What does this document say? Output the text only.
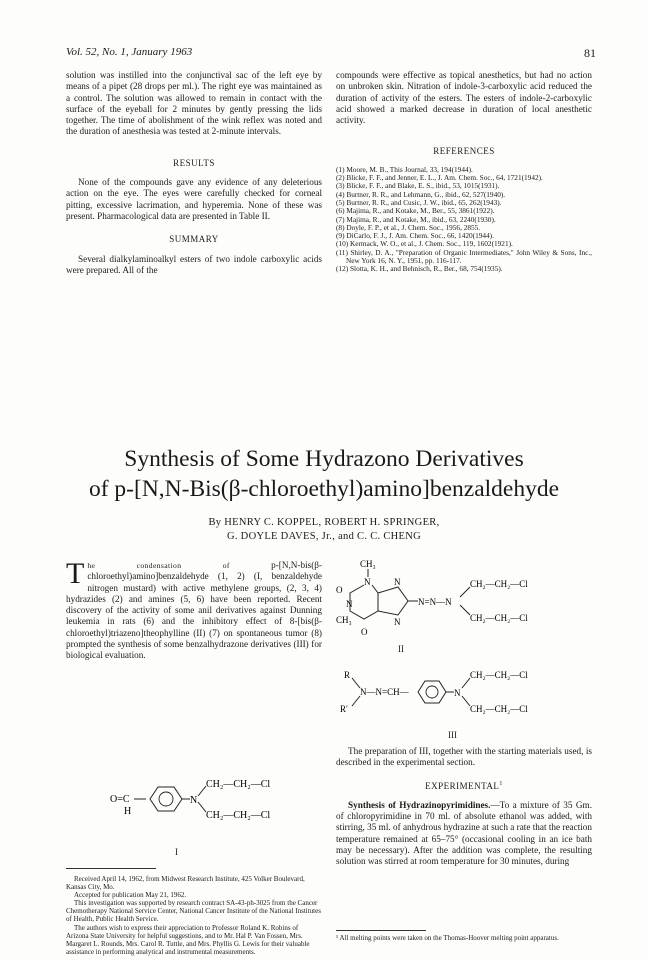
Vol. 52, No. 1, January 1963	81

solution was instilled into the conjunctival sac of the left eye by means of a pipet (28 drops per ml.). The right eye was maintained as a control. The solution was allowed to remain in contact with the surface of the eyeball for 2 minutes by gently pressing the lids together. The time of abolishment of the wink reflex was noted and the duration of anesthesia was tested at 2-minute intervals.

RESULTS

None of the compounds gave any evidence of any deleterious action on the eye. The eyes were carefully checked for corneal pitting, excessive lacrimation, and hyperemia. None of these was present. Pharmacological data are presented in Table II.

SUMMARY

Several dialkylaminoalkyl esters of two indole carboxylic acids were prepared. All of the

compounds were effective as topical anesthetics, but had no action on unbroken skin. Nitration of indole-3-carboxylic acid reduced the duration of activity of the esters. The esters of indole-2-carboxylic acid showed a marked decrease in duration of local anesthetic activity.

REFERENCES
(1) Moore, M. B., This Journal, 33, 194(1944).
(2) Blicke, F. F., and Jenner, E. L., J. Am. Chem. Soc., 64, 1721(1942).
(3) Blicke, F. F., and Blake, E. S., ibid., 53, 1015(1931).
(4) Burtner, R. R., and Lehmann, G., ibid., 62, 527(1940).
(5) Burtner, R. R., and Cusic, J. W., ibid., 65, 262(1943).
(6) Majima, R., and Kotake, M., Ber., 55, 3861(1922).
(7) Majima, R., and Kotake, M., ibid., 63, 2240(1930).
(8) Doyle, F. P., et al., J. Chem. Soc., 1956, 2855.
(9) DiCarlo, F. J., J. Am. Chem. Soc., 66, 1420(1944).
(10) Kermack, W. O., et al., J. Chem. Soc., 119, 1602(1921).
(11) Shirley, D. A., "Preparation of Organic Intermediates," John Wiley & Sons, Inc., New York 16, N. Y., 1951, pp. 116-117.
(12) Slotta, K. H., and Behnisch, R., Ber., 68, 754(1935).
Synthesis of Some Hydrazono Derivatives
of p-[N,N-Bis(β-chloroethyl)amino]benzaldehyde
By HENRY C. KOPPEL, ROBERT H. SPRINGER,
G. DOYLE DAVES, Jr., and C. C. CHENG

The condensation of p-[N,N-bis(β-chloroethyl)amino]benzaldehyde (1, 2) (I, benzaldehyde nitrogen mustard) with active methylene groups, (2, 3, 4) hydrazides (2) and amines (5, 6) have been reported. Recent discovery of the activity of some anil derivatives against Dunning leukemia in rats (6) and the inhibitory effect of 8-[bis(β-chloroethyl)triazeno]theophylline (II) (7) on spontaneous tumor (8) prompted the synthesis of some benzalhydrazone derivatives (III) for biological evaluation.

O=C
H
N
CH₂—CH₂—Cl
CH₂—CH₂—Cl
I

Received April 14, 1962, from Midwest Research Institute, 425 Volker Boulevard, Kansas City, Mo.

Accepted for publication May 21, 1962.

This investigation was supported by research contract SA-43-ph-3025 from the Cancer Chemotherapy National Service Center, National Cancer Institute of the National Institutes of Health, Public Health Service.

The authors wish to express their appreciation to Professor Roland K. Robins of Arizona State University for helpful suggestions, and to Mr. Hal P. Van Fossen, Mrs. Margaret L. Rounds, Mrs. Carol R. Tuttle, and Mrs. Phyllis G. Lewis for their valuable assistance in performing analytical and instrumental measurements.

CH₃
N
O
N
CH₃
O
N
N
N=N—N
CH₂—CH₂—Cl
CH₂—CH₂—Cl
II
R
R′
N—N=CH—	N
CH₂—CH₂—Cl
CH₂—CH₂—Cl
III

The preparation of III, together with the starting materials used, is described in the experimental section.

EXPERIMENTAL$^1$

Synthesis of Hydrazinopyrimidines.—To a mixture of 35 Gm. of chloropyrimidine in 70 ml. of absolute ethanol was added, with stirring, 35 ml. of anhydrous hydrazine at such a rate that the reaction temperature remained at 65–75° (occasional cooling in an ice bath may be necessary). After the addition was complete, the resulting solution was stirred at room temperature for 30 minutes, during

¹ All melting points were taken on the Thomas-Hoover melting point apparatus.
